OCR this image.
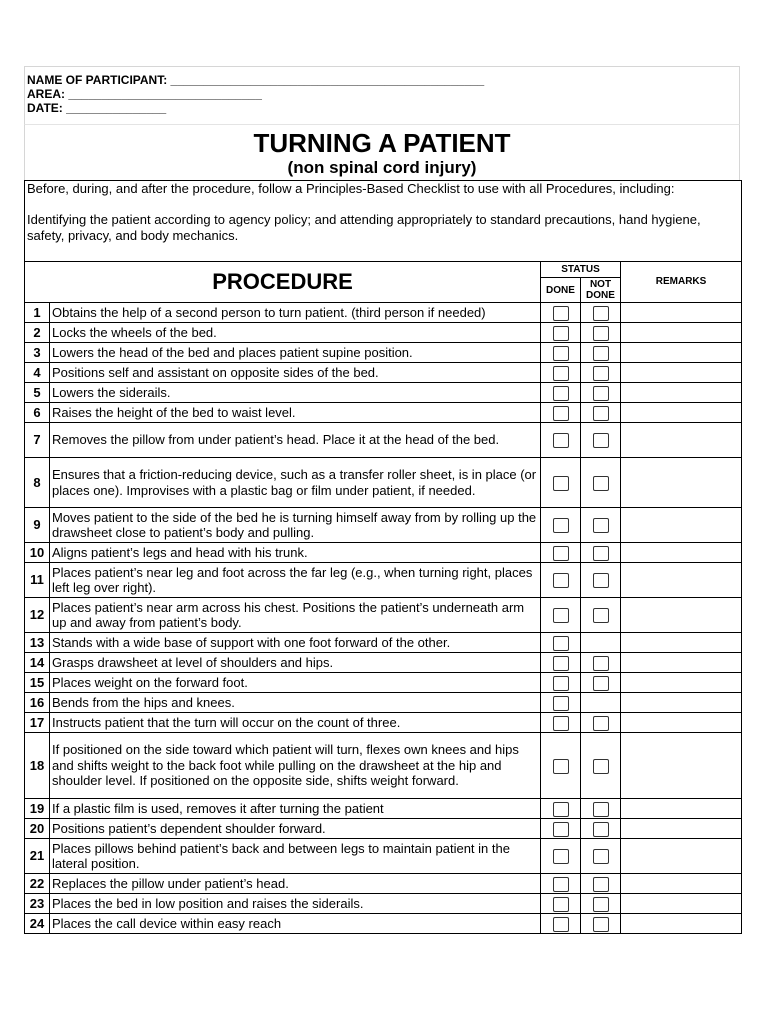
NAME OF PARTICIPANT: _______________________________________________
AREA: _____________________________
DATE: _______________
TURNING A PATIENT
(non spinal cord injury)

Before, during, and after the procedure, follow a Principles-Based Checklist to use with all Procedures, including:

Identifying the patient according to agency policy; and attending appropriately to standard precautions, hand hygiene, safety, privacy, and body mechanics.				

PROCEDURE		STATUS		REMARKS
		DONE	NOT DONE	
1	Obtains the help of a second person to turn patient. (third person if needed)			
2	Locks the wheels of the bed.			
3	Lowers the head of the bed and places patient supine position.			
4	Positions self and assistant on opposite sides of the bed.			
5	Lowers the siderails.			
6	Raises the height of the bed to waist level.			
7	Removes the pillow from under patient’s head. Place it at the head of the bed.			
8	Ensures that a friction-reducing device, such as a transfer roller sheet, is in place (or places one). Improvises with a plastic bag or film under patient, if needed.			
9	Moves patient to the side of the bed he is turning himself away from by rolling up the drawsheet close to patient’s body and pulling.			
10	Aligns patient’s legs and head with his trunk.			
11	Places patient’s near leg and foot across the far leg (e.g., when turning right, places left leg over right).			
12	Places patient’s near arm across his chest. Positions the patient’s underneath arm up and away from patient’s body.			
13	Stands with a wide base of support with one foot forward of the other.			
14	Grasps drawsheet at level of shoulders and hips.			
15	Places weight on the forward foot.			
16	Bends from the hips and knees.			
17	Instructs patient that the turn will occur on the count of three.			
18	If positioned on the side toward which patient will turn, flexes own knees and hips and shifts weight to the back foot while pulling on the drawsheet at the hip and shoulder level. If positioned on the opposite side, shifts weight forward.			
19	If a plastic film is used, removes it after turning the patient			
20	Positions patient’s dependent shoulder forward.			
21	Places pillows behind patient’s back and between legs to maintain patient in the lateral position.			
22	Replaces the pillow under patient’s head.			
23	Places the bed in low position and raises the siderails.			
24	Places the call device within easy reach			
